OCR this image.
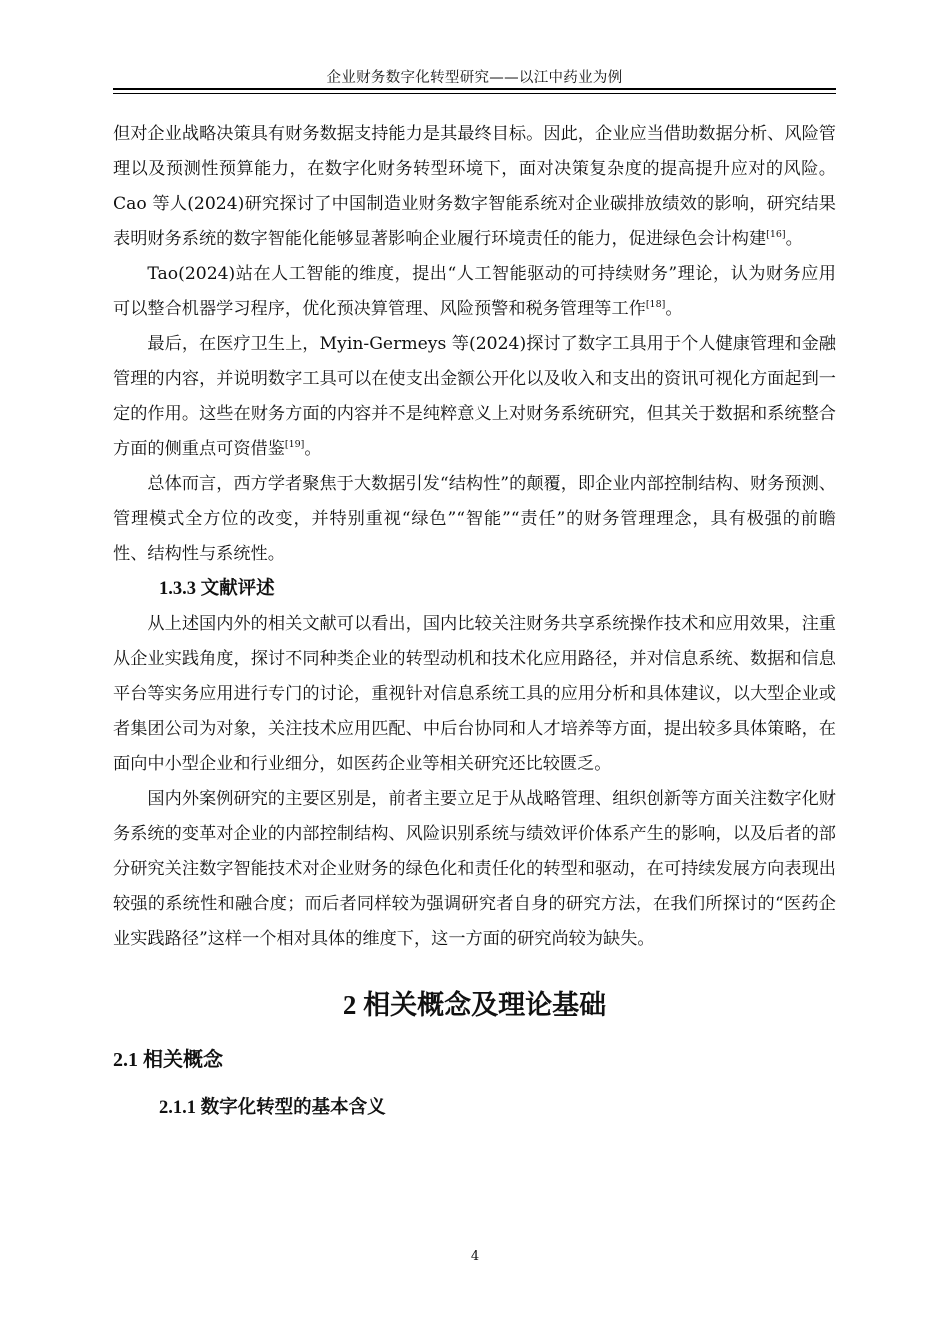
企业财务数字化转型研究——以江中药业为例

但对企业战略决策具有财务数据支持能力是其最终目标。因此，企业应当借助数据分析、风险管理以及预测性预算能力，在数字化财务转型环境下，面对决策复杂度的提高提升应对的风险。Cao 等人(2024)研究探讨了中国制造业财务数字智能系统对企业碳排放绩效的影响，研究结果表明财务系统的数字智能化能够显著影响企业履行环境责任的能力，促进绿色会计构建[16]。

Tao(2024)站在人工智能的维度，提出“人工智能驱动的可持续财务”理论，认为财务应用可以整合机器学习程序，优化预决算管理、风险预警和税务管理等工作[18]。

最后，在医疗卫生上，Myin-Germeys 等(2024)探讨了数字工具用于个人健康管理和金融管理的内容，并说明数字工具可以在使支出金额公开化以及收入和支出的资讯可视化方面起到一定的作用。这些在财务方面的内容并不是纯粹意义上对财务系统研究，但其关于数据和系统整合方面的侧重点可资借鉴[19]。

总体而言，西方学者聚焦于大数据引发“结构性”的颠覆，即企业内部控制结构、财务预测、管理模式全方位的改变，并特别重视“绿色”“智能”“责任”的财务管理理念，具有极强的前瞻性、结构性与系统性。

1.3.3 文献评述

从上述国内外的相关文献可以看出，国内比较关注财务共享系统操作技术和应用效果，注重从企业实践角度，探讨不同种类企业的转型动机和技术化应用路径，并对信息系统、数据和信息平台等实务应用进行专门的讨论，重视针对信息系统工具的应用分析和具体建议，以大型企业或者集团公司为对象，关注技术应用匹配、中后台协同和人才培养等方面，提出较多具体策略，在面向中小型企业和行业细分，如医药企业等相关研究还比较匮乏。

国内外案例研究的主要区别是，前者主要立足于从战略管理、组织创新等方面关注数字化财务系统的变革对企业的内部控制结构、风险识别系统与绩效评价体系产生的影响，以及后者的部分研究关注数字智能技术对企业财务的绿色化和责任化的转型和驱动，在可持续发展方向表现出较强的系统性和融合度；而后者同样较为强调研究者自身的研究方法，在我们所探讨的“医药企业实践路径”这样一个相对具体的维度下，这一方面的研究尚较为缺失。

2 相关概念及理论基础
2.1 相关概念
2.1.1 数字化转型的基本含义
4
